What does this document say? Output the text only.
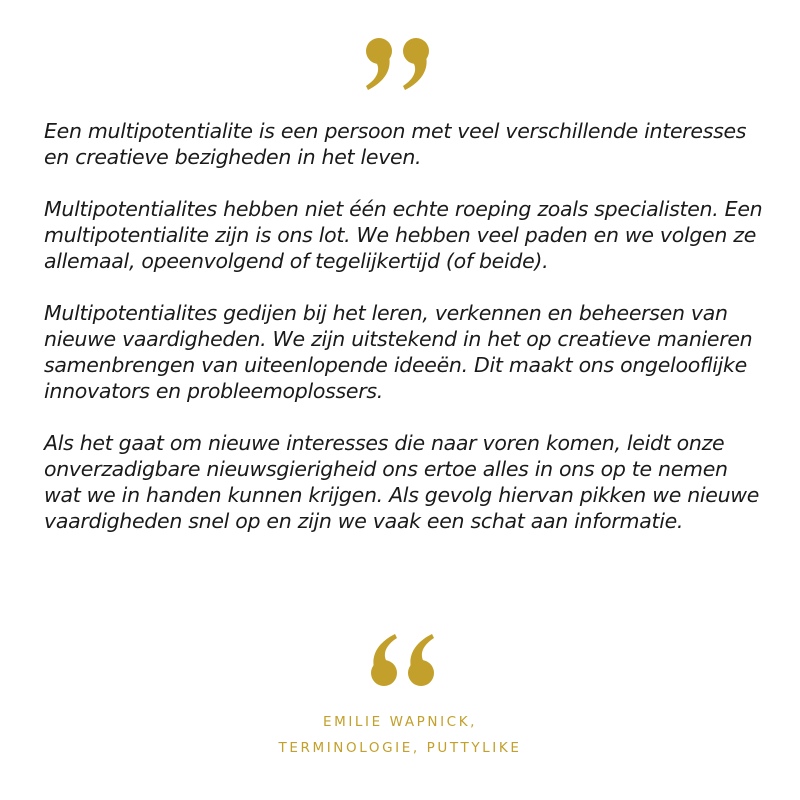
Een multipotentialite is een persoon met veel verschillende interesses en creatieve bezigheden in het leven.

Multipotentialites hebben niet één echte roeping zoals specialisten. Een multipotentialite zijn is ons lot. We hebben veel paden en we volgen ze allemaal, opeenvolgend of tegelijkertijd (of beide).

Multipotentialites gedijen bij het leren, verkennen en beheersen van nieuwe vaardigheden. We zijn uitstekend in het op creatieve manieren samenbrengen van uiteenlopende ideeën. Dit maakt ons ongelooflijke innovators en probleemoplossers.

Als het gaat om nieuwe interesses die naar voren komen, leidt onze onverzadigbare nieuwsgierigheid ons ertoe alles in ons op te nemen wat we in handen kunnen krijgen. Als gevolg hiervan pikken we nieuwe vaardigheden snel op en zijn we vaak een schat aan informatie.

EMILIE WAPNICK,
TERMINOLOGIE, PUTTYLIKE
